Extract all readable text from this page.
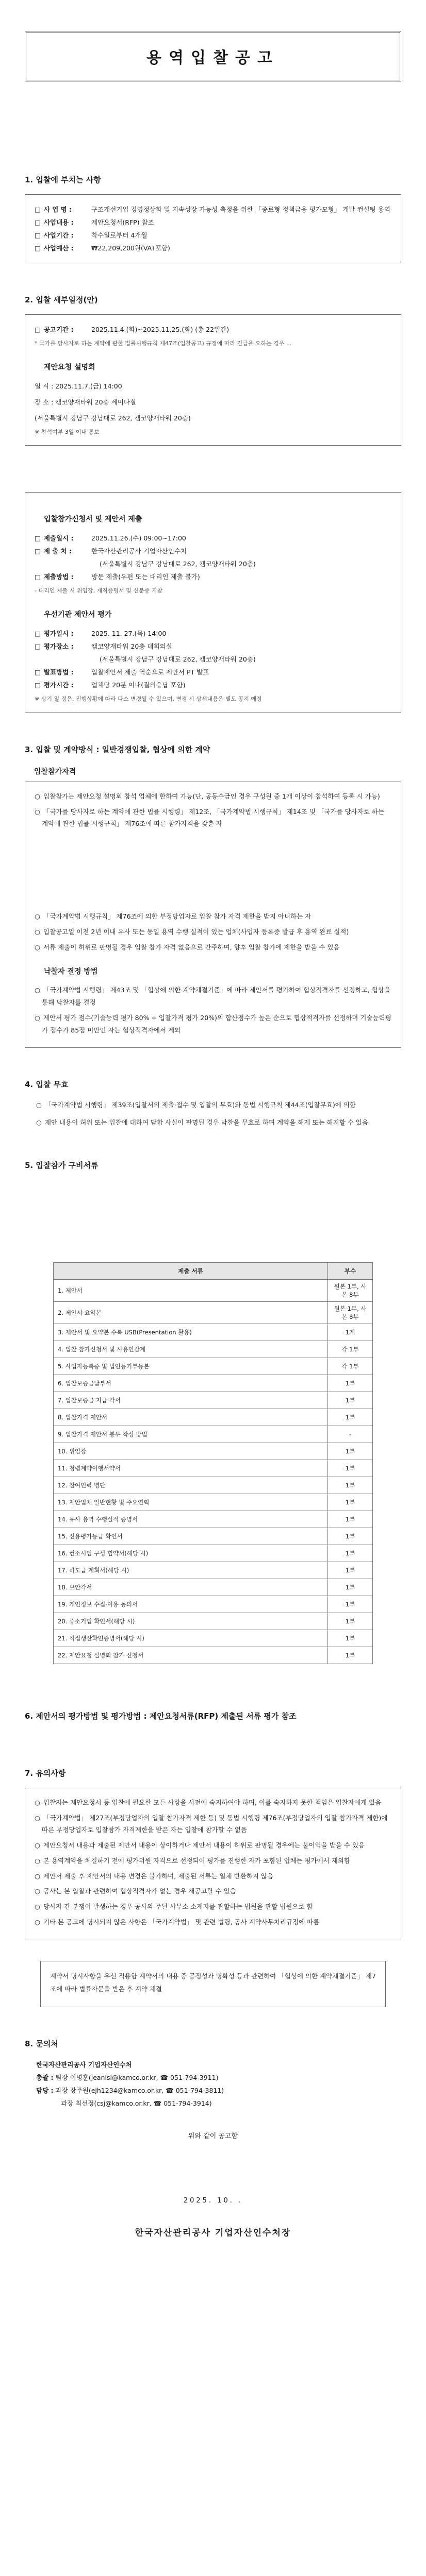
용역입찰공고
1. 입찰에 부치는 사항
□ 사 업 명 :	구조개선기업 경영정상화 및 지속성장 가능성 측정을 위한 「종료형 정책금융 평가모형」 개발 컨설팅 용역
□ 사업내용 :	제안요청서(RFP) 참조
□ 사업기간 :	착수일로부터 4개월
□ 사업예산 :	₩22,209,200원(VAT포함)
2. 입찰 세부일정(안)
□ 공고기간 :	2025.11.4.(화)~2025.11.25.(화) (총 22일간)
* 국가를 당사자로 하는 계약에 관한 법률시행규칙 제47조(입찰공고) 규정에 따라 긴급을 요하는 경우 ...
제안요청 설명회

일 시 : 2025.11.7.(금) 14:00

장 소 : 캠코양재타워 20층 세미나실

(서울특별시 강남구 강남대로 262, 캠코양재타워 20층)

※ 참석여부 3일 이내 통보
입찰참가신청서 및 제안서 제출
□ 제출일시 :	2025.11.26.(수) 09:00~17:00
□ 제 출 처 :	한국자산관리공사 기업자산인수처
(서울특별시 강남구 강남대로 262, 캠코양재타워 20층)
□ 제출방법 :	방문 제출(우편 또는 대리인 제출 불가)
- 대리인 제출 시 위임장, 재직증명서 및 신분증 지참
우선기관 제안서 평가
□ 평가일시 :	2025. 11. 27.(목) 14:00
□ 평가장소 :	캠코양재타워 20층 대회의실
(서울특별시 강남구 강남대로 262, 캠코양재타워 20층)
□ 발표방법 :	입찰제안서 제출 역순으로 제안서 PT 발표
□ 평가시간 :	업체당 20분 이내(질의응답 포함)
※ 상기 일 정은, 진행상황에 따라 다소 변경될 수 있으며, 변경 시 상세내용은 별도 공지 예정
3. 입찰 및 계약방식 : 일반경쟁입찰, 협상에 의한 계약
입찰참가자격

○ 입찰참가는 제안요청 설명회 참석 업체에 한하여 가능(단, 공동수급인 경우 구성원 중 1개 이상이 참석하여 등록 시 가능)

○ 「국가를 당사자로 하는 계약에 관한 법률 시행령」 제12조, 「국가계약법 시행규칙」 제14조 및 「국가를 당사자로 하는 계약에 관한 법률 시행규칙」 제76조에 따른 참가자격을 갖춘 자

○ 「국가계약법 시행규칙」 제76조에 의한 부정당업자로 입찰 참가 자격 제한을 받지 아니하는 자

○ 입찰공고일 이전 2년 이내 유사 또는 동일 용역 수행 실적이 있는 업체(사업자 등록증 발급 후 용역 완료 실적)

○ 서류 제출이 허위로 판명될 경우 입찰 참가 자격 없음으로 간주하며, 향후 입찰 참가에 제한을 받을 수 있음

낙찰자 결정 방법

○ 「국가계약법 시행령」 제43조 및 「협상에 의한 계약체결기준」에 따라 제안서를 평가하여 협상적격자를 선정하고, 협상을 통해 낙찰자를 결정

○ 제안서 평가 점수(기술능력 평가 80% + 입찰가격 평가 20%)의 합산점수가 높은 순으로 협상적격자를 선정하며 기술능력평가 점수가 85점 미만인 자는 협상적격자에서 제외

4. 입찰 무효

○ 「국가계약법 시행령」 제39조(입찰서의 제출·접수 및 입찰의 무효)와 동법 시행규칙 제44조(입찰무효)에 의함

○ 제안 내용이 허위 또는 입찰에 대하여 담합 사실이 판명된 경우 낙찰을 무효로 하며 계약을 해제 또는 해지할 수 있음

5. 입찰참가 구비서류
제출 서류	부수
1. 제안서	원본 1부, 사본 8부
2. 제안서 요약본	원본 1부, 사본 8부
3. 제안서 및 요약본 수록 USB(Presentation 활용)	1개
4. 입찰 참가신청서 및 사용인감계	각 1부
5. 사업자등록증 및 법인등기부등본	각 1부
6. 입찰보증금납부서	1부
7. 입찰보증금 지급 각서	1부
8. 입찰가격 제안서	1부
9. 입찰가격 제안서 봉투 작성 방법	-
10. 위임장	1부
11. 청렴계약이행서약서	1부
12. 참여인력 명단	1부
13. 제안업체 일반현황 및 주요연혁	1부
14. 유사 용역 수행실적 증명서	1부
15. 신용평가등급 확인서	1부
16. 컨소시엄 구성 협약서(해당 시)	1부
17. 하도급 계획서(해당 시)	1부
18. 보안각서	1부
19. 개인정보 수집·이용 동의서	1부
20. 중소기업 확인서(해당 시)	1부
21. 직접생산확인증명서(해당 시)	1부
22. 제안요청 설명회 참가 신청서	1부
6. 제안서의 평가방법 및 평가방법 : 제안요청서류(RFP) 제출된 서류 평가 참조
7. 유의사항

○ 입찰자는 제안요청서 등 입찰에 필요한 모든 사항을 사전에 숙지하여야 하며, 이를 숙지하지 못한 책임은 입찰자에게 있음

○ 「국가계약법」 제27조(부정당업자의 입찰 참가자격 제한 등) 및 동법 시행령 제76조(부정당업자의 입찰 참가자격 제한)에 따른 부정당업자로 입찰참가 자격제한을 받은 자는 입찰에 참가할 수 없음

○ 제안요청서 내용과 제출된 제안서 내용이 상이하거나 제안서 내용이 허위로 판명될 경우에는 불이익을 받을 수 있음

○ 본 용역계약을 체결하기 전에 평가위원 자격으로 선정되어 평가를 진행한 자가 포함된 업체는 평가에서 제외함

○ 제안서 제출 후 제안서의 내용 변경은 불가하며, 제출된 서류는 일체 반환하지 않음

○ 공사는 본 입찰과 관련하여 협상적격자가 없는 경우 재공고할 수 있음

○ 당사자 간 분쟁이 발생하는 경우 공사의 주된 사무소 소재지를 관할하는 법원을 관할 법원으로 함

○ 기타 본 공고에 명시되지 않은 사항은 「국가계약법」 및 관련 법령, 공사 계약사무처리규정에 따름

계약서 명시사항을 우선 적용함 계약서의 내용 중 공정성과 명확성 등과 관련하여 「협상에 의한 계약체결기준」 제7조에 따라 법률자문을 받은 후 계약 체결

8. 문의처
한국자산관리공사 기업자산인수처
총괄 : 팀장 이병훈(jeanisl@kamco.or.kr, ☎ 051-794-3911)
담당 : 과장 장주원(ejh1234@kamco.or.kr, ☎ 051-794-3811)
과장 최선정(csj@kamco.or.kr, ☎ 051-794-3914)
위와 같이 공고함
2025. 10. .
한국자산관리공사 기업자산인수처장
